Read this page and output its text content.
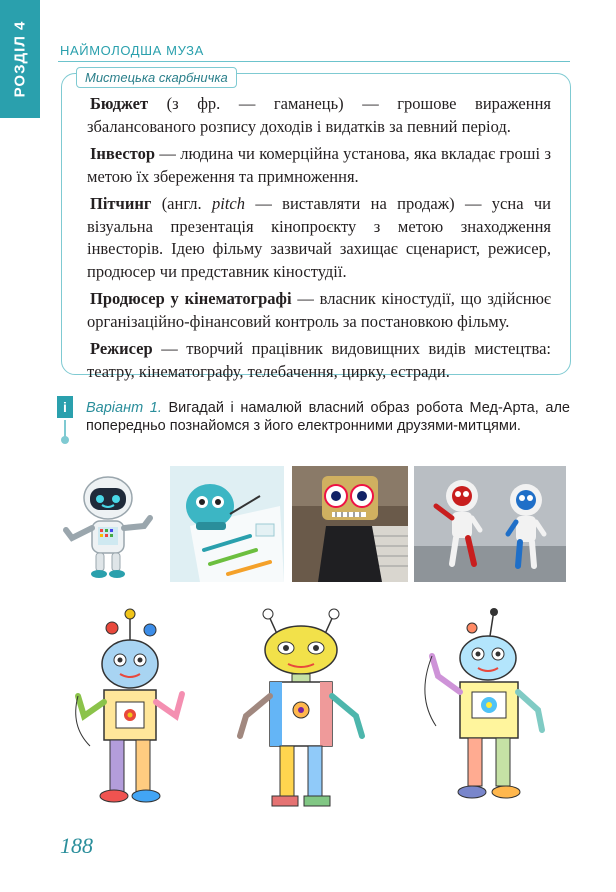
РОЗДІЛ 4 НАЙМОЛОДША МУЗА
Мистецька скарбничка

Бюджет (з фр. — гаманець) — грошове вираження збалансованого розпису доходів і видатків за певний період.

Інвестор — людина чи комерційна установа, яка вкладає гроші з метою їх збереження та примноження.

Пітчинг (англ. pitch — виставляти на продаж) — усна чи візуальна презентація кінопроєкту з метою знаходження інвесторів. Ідею фільму зазвичай захищає сценарист, режисер, продюсер чи представник кіностудії.

Продюсер у кінематографі — власник кіностудії, що здійснює організаційно-фінансовий контроль за постановкою фільму.

Режисер — творчий працівник видовищних видів мистецтва: театру, кінематографу, телебачення, цирку, естради.

i	Варіант 1. Вигадай і намалюй власний образ робота Мед-Арта, але попередньо познайомся з його електронними друзями-митцями.
188
